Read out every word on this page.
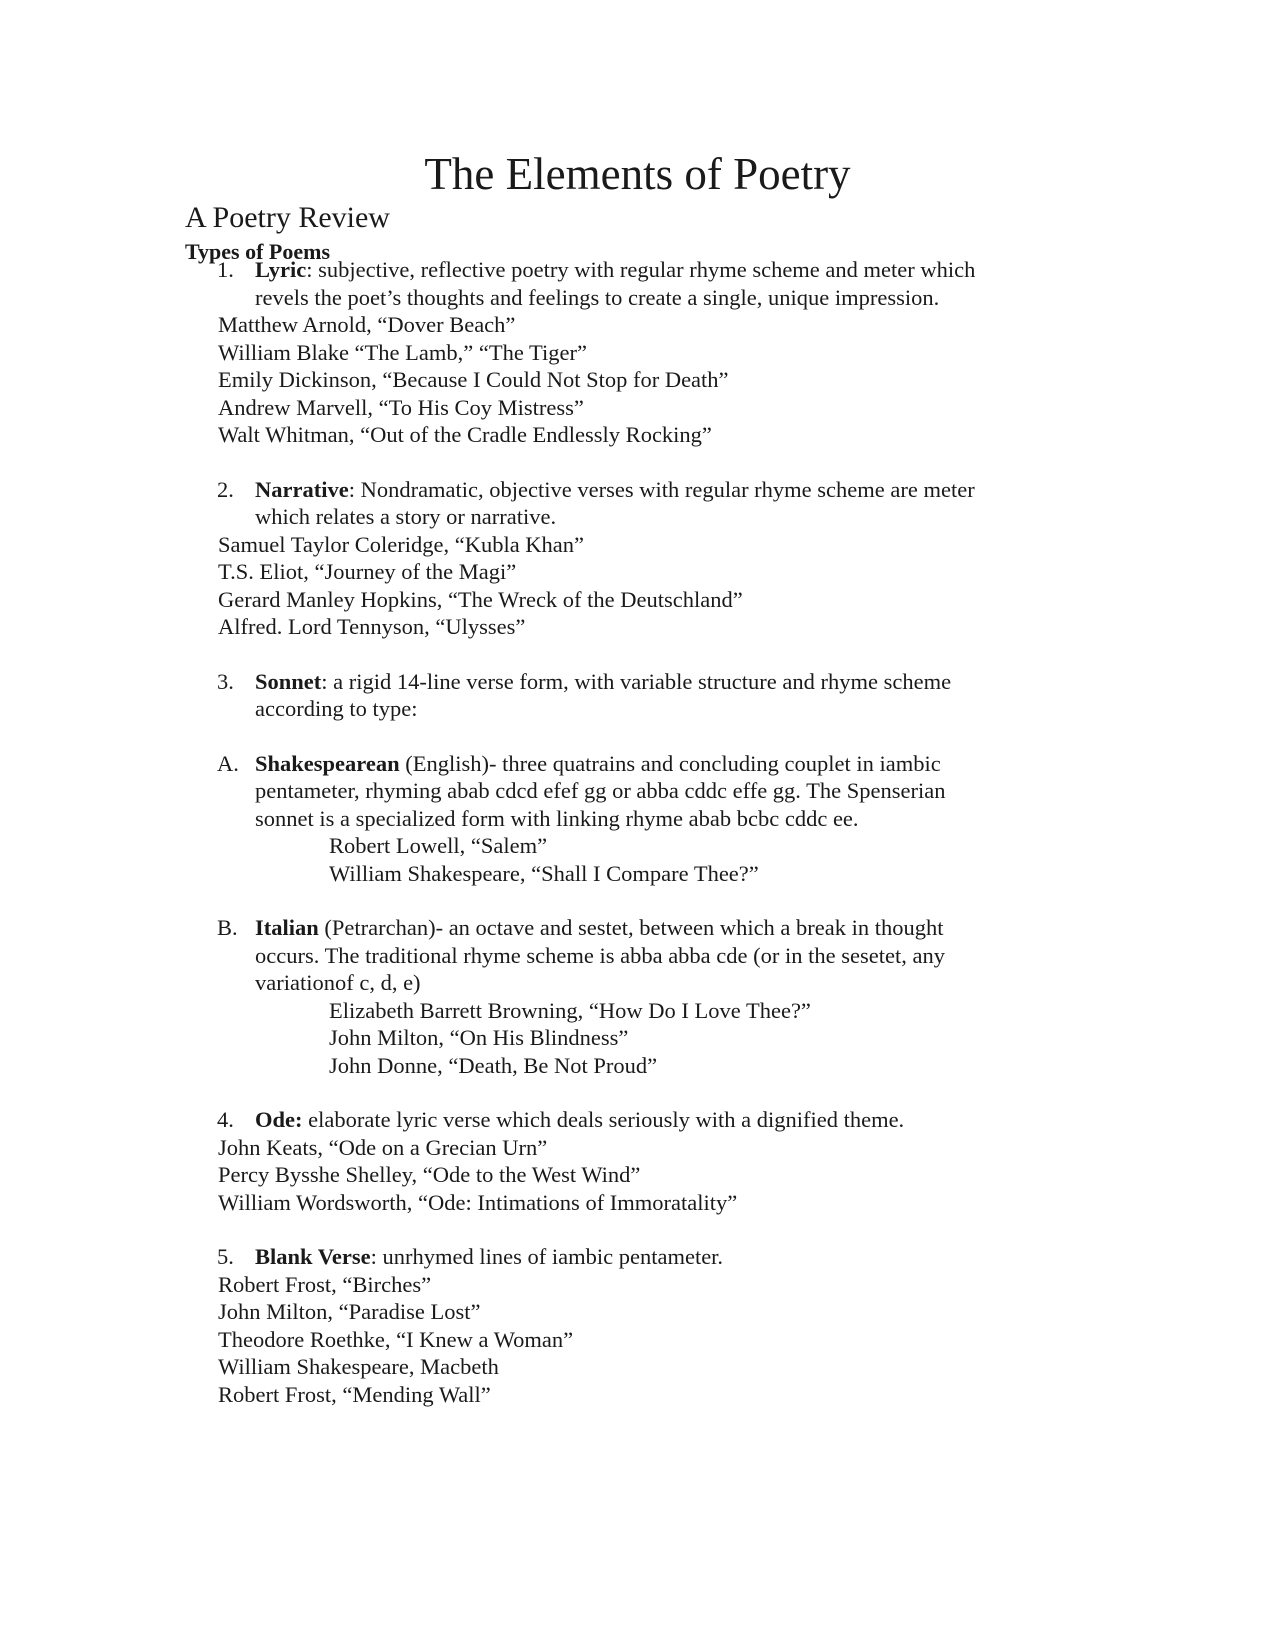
The Elements of Poetry
A Poetry Review
Types of Poems
1. Lyric: subjective, reflective poetry with regular rhyme scheme and meter which
revels the poet’s thoughts and feelings to create a single, unique impression.
Matthew Arnold, “Dover Beach”
William Blake “The Lamb,” “The Tiger”
Emily Dickinson, “Because I Could Not Stop for Death”
Andrew Marvell, “To His Coy Mistress”
Walt Whitman, “Out of the Cradle Endlessly Rocking”
2. Narrative: Nondramatic, objective verses with regular rhyme scheme are meter
which relates a story or narrative.
Samuel Taylor Coleridge, “Kubla Khan”
T.S. Eliot, “Journey of the Magi”
Gerard Manley Hopkins, “The Wreck of the Deutschland”
Alfred. Lord Tennyson, “Ulysses”
3. Sonnet: a rigid 14-line verse form, with variable structure and rhyme scheme
according to type:
A. Shakespearean (English)- three quatrains and concluding couplet in iambic
pentameter, rhyming abab cdcd efef gg or abba cddc effe gg. The Spenserian
sonnet is a specialized form with linking rhyme abab bcbc cddc ee.
Robert Lowell, “Salem”
William Shakespeare, “Shall I Compare Thee?”
B. Italian (Petrarchan)- an octave and sestet, between which a break in thought
occurs. The traditional rhyme scheme is abba abba cde (or in the sesetet, any
variationof c, d, e)
Elizabeth Barrett Browning, “How Do I Love Thee?”
John Milton, “On His Blindness”
John Donne, “Death, Be Not Proud”
4. Ode: elaborate lyric verse which deals seriously with a dignified theme.
John Keats, “Ode on a Grecian Urn”
Percy Bysshe Shelley, “Ode to the West Wind”
William Wordsworth, “Ode: Intimations of Immoratality”
5. Blank Verse: unrhymed lines of iambic pentameter.
Robert Frost, “Birches”
John Milton, “Paradise Lost”
Theodore Roethke, “I Knew a Woman”
William Shakespeare, Macbeth
Robert Frost, “Mending Wall”
